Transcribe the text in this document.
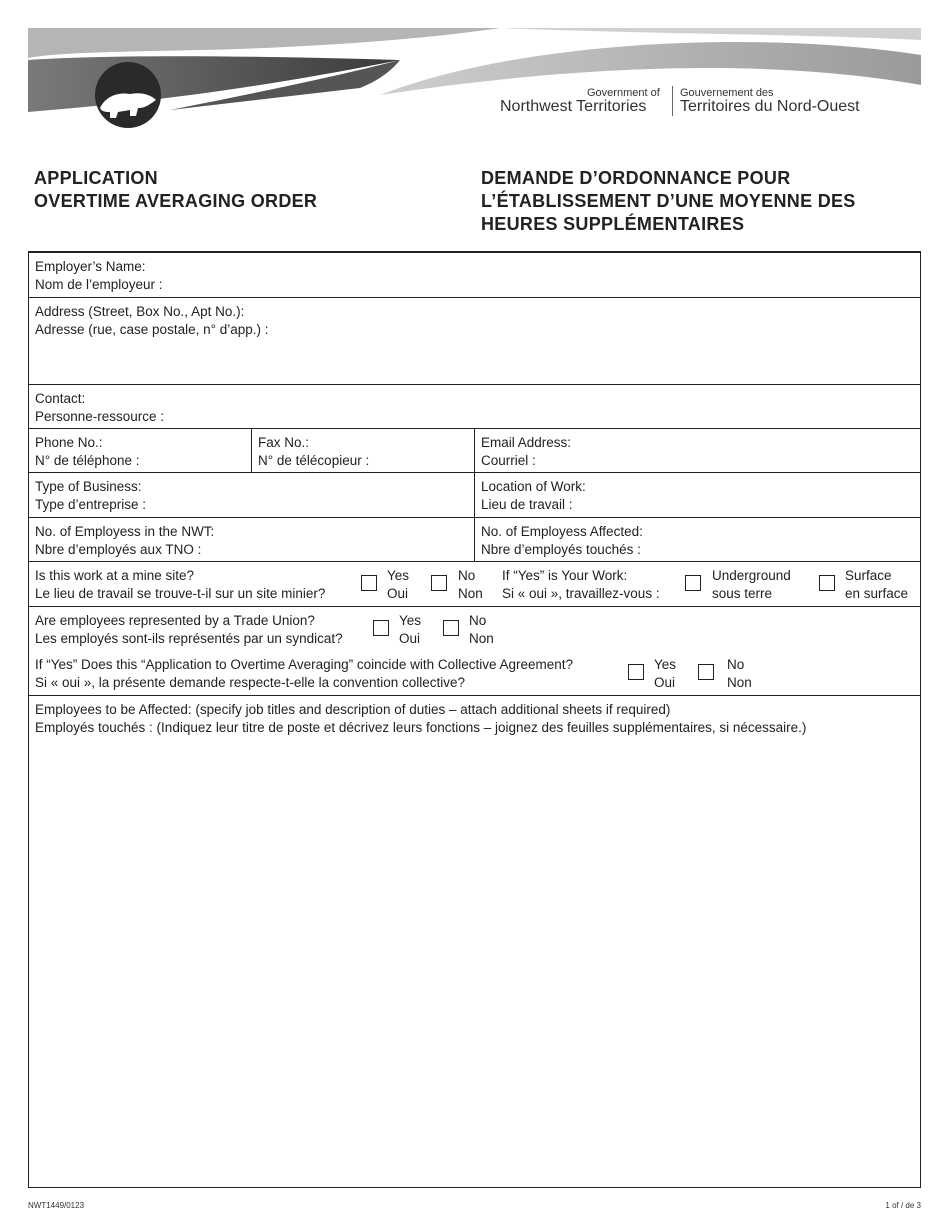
Government of
Northwest Territories
Gouvernement des
Territoires du Nord-Ouest
APPLICATION
OVERTIME AVERAGING ORDER
DEMANDE D’ORDONNANCE POUR
L’ÉTABLISSEMENT D’UNE MOYENNE DES
HEURES SUPPLÉMENTAIRES
Employer’s Name:
Nom de l’employeur :
Address (Street, Box No., Apt No.):
Adresse (rue, case postale, n° d’app.) :
Contact:
Personne-ressource :
Phone No.:
N° de téléphone :
Fax No.:
N° de télécopieur :
Email Address:
Courriel :
Type of Business:
Type d’entreprise :
Location of Work:
Lieu de travail :
No. of Employess in the NWT:
Nbre d’employés aux TNO :
No. of Employess Affected:
Nbre d’employés touchés :
Is this work at a mine site?
Le lieu de travail se trouve-t-il sur un site minier?
Yes
Oui
No
Non
If “Yes” is Your Work:
Si « oui », travaillez-vous :
Underground
sous terre
Surface
en surface
Are employees represented by a Trade Union?
Les employés sont-ils représentés par un syndicat?
Yes
Oui
No
Non
If “Yes” Does this “Application to Overtime Averaging” coincide with Collective Agreement?
Si « oui », la présente demande respecte-t-elle la convention collective?
Yes
Oui
No
Non
Employees to be Affected: (specify job titles and description of duties – attach additional sheets if required)
Employés touchés : (Indiquez leur titre de poste et décrivez leurs fonctions – joignez des feuilles supplémentaires, si nécessaire.)
NWT1449/0123	1 of / de 3
